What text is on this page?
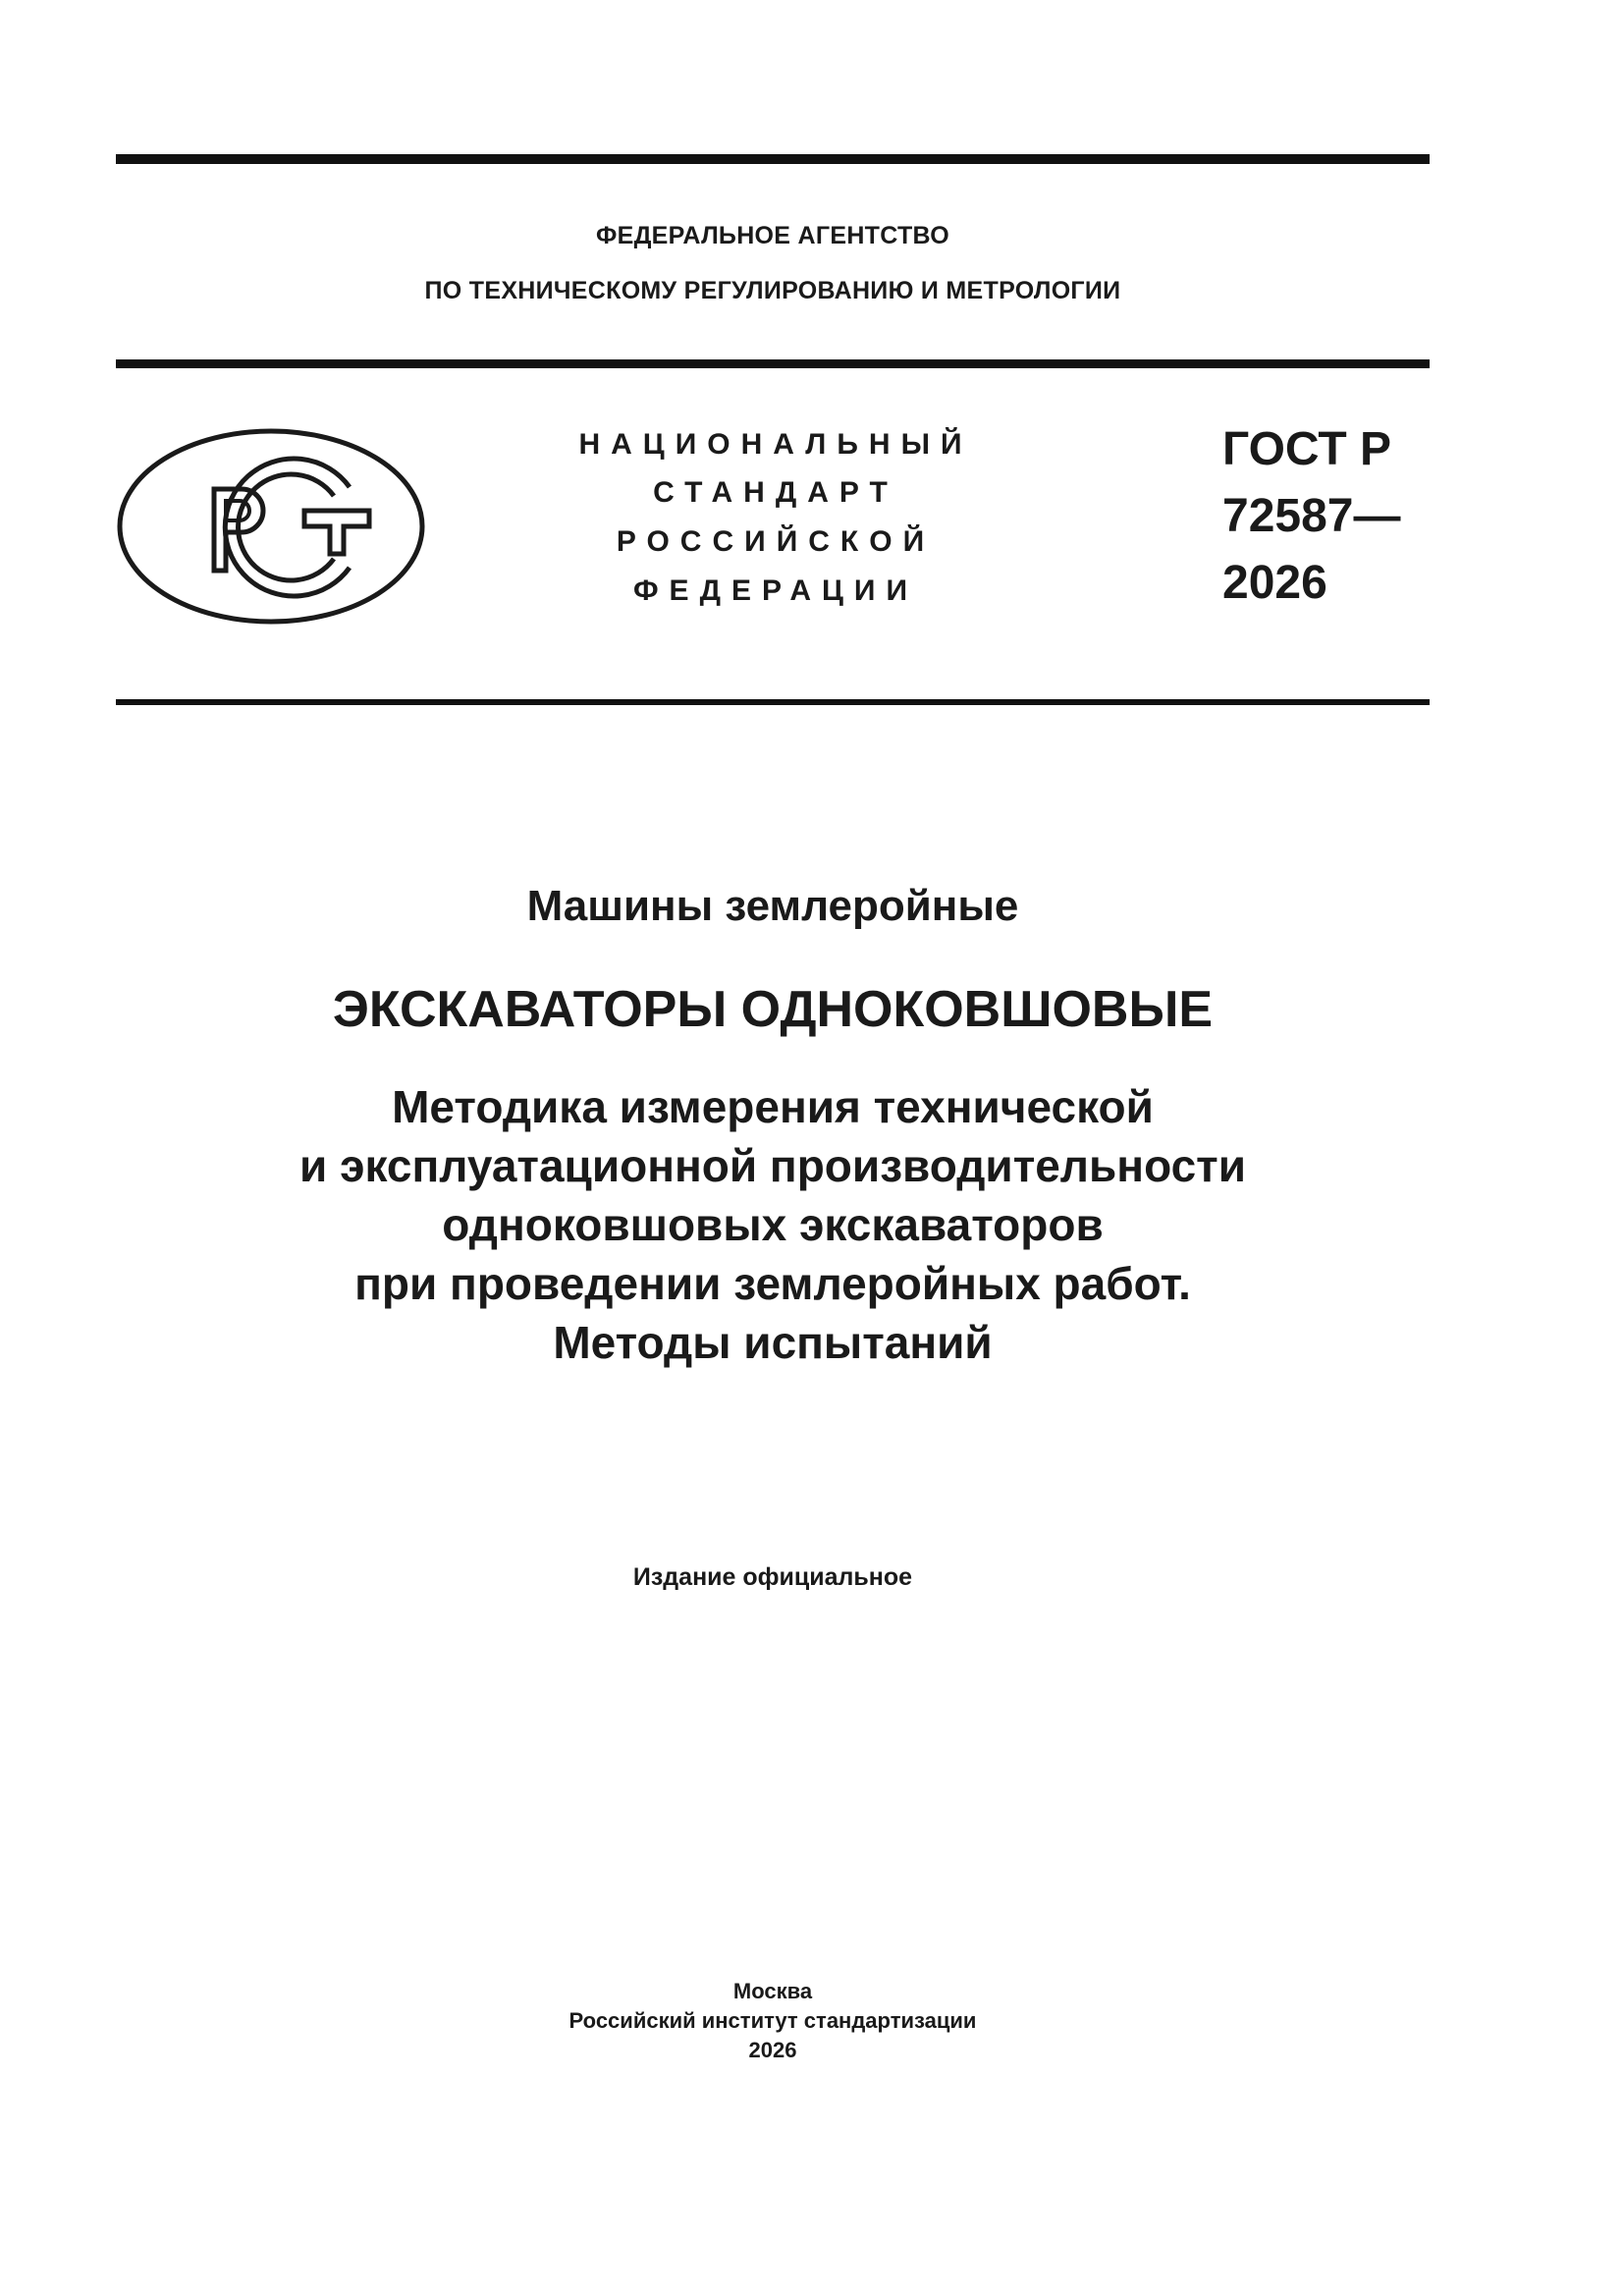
ФЕДЕРАЛЬНОЕ АГЕНТСТВО
ПО ТЕХНИЧЕСКОМУ РЕГУЛИРОВАНИЮ И МЕТРОЛОГИИ
НАЦИОНАЛЬНЫЙ
СТАНДАРТ
РОССИЙСКОЙ
ФЕДЕРАЦИИ
ГОСТ Р
72587—
2026
Машины землеройные
ЭКСКАВАТОРЫ ОДНОКОВШОВЫЕ
Методика измерения технической
и эксплуатационной производительности
одноковшовых экскаваторов
при проведении землеройных работ.
Методы испытаний
Издание официальное
Москва
Российский институт стандартизации
2026
